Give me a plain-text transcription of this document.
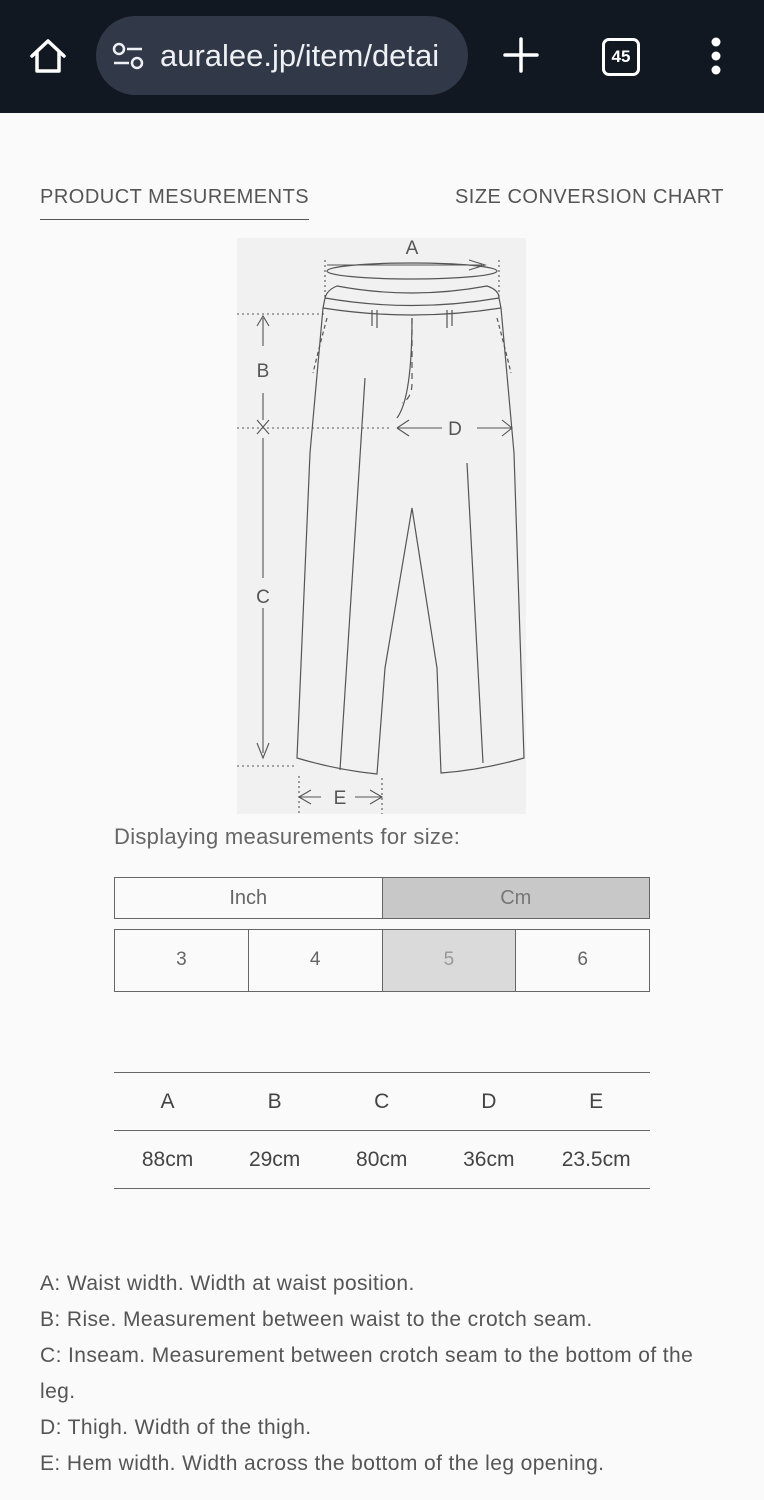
auralee.jp/item/detai	45
PRODUCT MESUREMENTS	SIZE CONVERSION CHART
A
B
C
D
E
Displaying measurements for size:
Inch	Cm
3	4	5	6
A	B	C	D	E
88cm	29cm	80cm	36cm	23.5cm

A: Waist width. Width at waist position.

B: Rise. Measurement between waist to the crotch seam.

C: Inseam. Measurement between crotch seam to the bottom of the leg.

D: Thigh. Width of the thigh.

E: Hem width. Width across the bottom of the leg opening.
